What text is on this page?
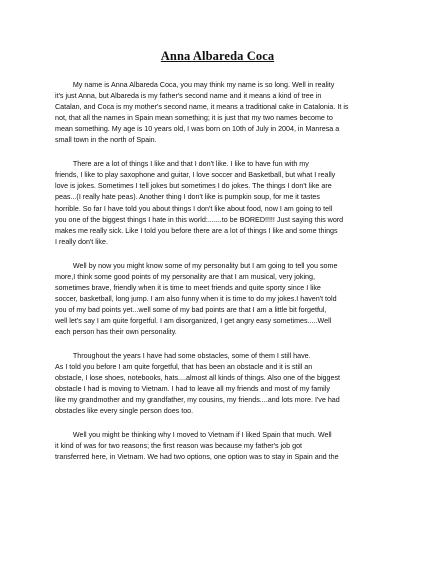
Anna Albareda Coca
My name is Anna Albareda Coca, you may think my name is so long. Well in reality
it's just Anna, but Albareda is my father's second name and it means a kind of tree in
Catalan, and Coca is my mother's second name, it means a traditional cake in Catalonia. It is
not, that all the names in Spain mean something; it is just that my two names become to
mean something. My age is 10 years old, I was born on 10th of July in 2004, in Manresa a
small town in the north of Spain.
There are a lot of things I like and that I don't like. I like to have fun with my
friends, I like to play saxophone and guitar, I love soccer and Basketball, but what I really
love is jokes. Sometimes I tell jokes but sometimes I do jokes. The things I don't like are
peas...(I really hate peas). Another thing I don't like is pumpkin soup, for me it tastes
horrible. So far I have told you about things I don't like about food, now I am going to tell
you one of the biggest things I hate in this world:.......to be BORED!!!!! Just saying this word
makes me really sick. Like I told you before there are a lot of things I like and some things
I really don't like.
Well by now you might know some of my personality but I am going to tell you some
more,I think some good points of my personality are that I am musical, very joking,
sometimes brave, friendly when it is time to meet friends and quite sporty since I like
soccer, basketball, long jump. I am also funny when it is time to do my jokes.I haven't told
you of my bad points yet...well some of my bad points are that I am a little bit forgetful,
well let's say I am quite forgetful. I am disorganized, I get angry easy sometimes.....Well
each person has their own personality.
Throughout the years I have had some obstacles, some of them I still have.
As I told you before I am quite forgetful, that has been an obstacle and it is still an
obstacle, I lose shoes, notebooks, hats....almost all kinds of things. Also one of the biggest
obstacle I had is moving to Vietnam. I had to leave all my friends and most of my family
like my grandmother and my grandfather, my cousins, my friends....and lots more. I've had
obstacles like every single person does too.
Well you might be thinking why I moved to Vietnam if I liked Spain that much. Well
it kind of was for two reasons; the first reason was because my father's job got
transferred here, in Vietnam. We had two options, one option was to stay in Spain and the
